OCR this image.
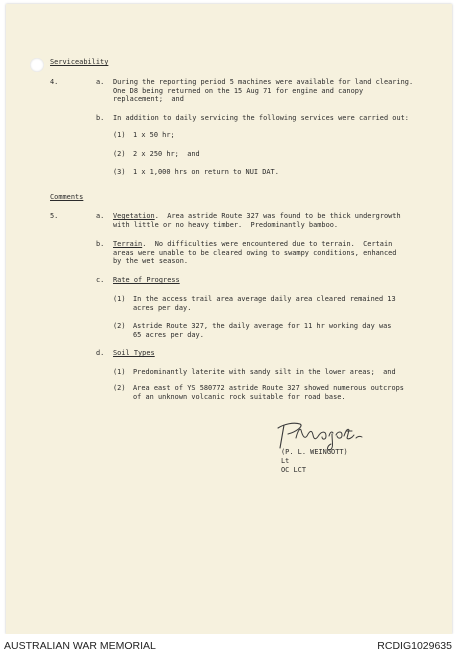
Serviceability
4.	a. During the reporting period 5 machines were available for land clearing.
One D8 being returned on the 15 Aug 71 for engine and canopy
replacement;  and
b. In addition to daily servicing the following services were carried out:
(1) 1 x 50 hr;
(2) 2 x 250 hr;  and
(3) 1 x 1,000 hrs on return to NUI DAT.
Comments
5.	a. Vegetation.  Area astride Route 327 was found to be thick undergrowth
with little or no heavy timber.  Predominantly bamboo.
b. Terrain.  No difficulties were encountered due to terrain.  Certain
areas were unable to be cleared owing to swampy conditions, enhanced
by the wet season.
c. Rate of Progress
(1) In the access trail area average daily area cleared remained 13
acres per day.
(2) Astride Route 327, the daily average for 11 hr working day was
65 acres per day.
d. Soil Types
(1) Predominantly laterite with sandy silt in the lower areas;  and
(2) Area east of YS 580772 astride Route 327 showed numerous outcrops
of an unknown volcanic rock suitable for road base.
(P. L. WEINGOTT)
Lt
OC LCT
AUSTRALIAN WAR MEMORIAL	RCDIG1029635
